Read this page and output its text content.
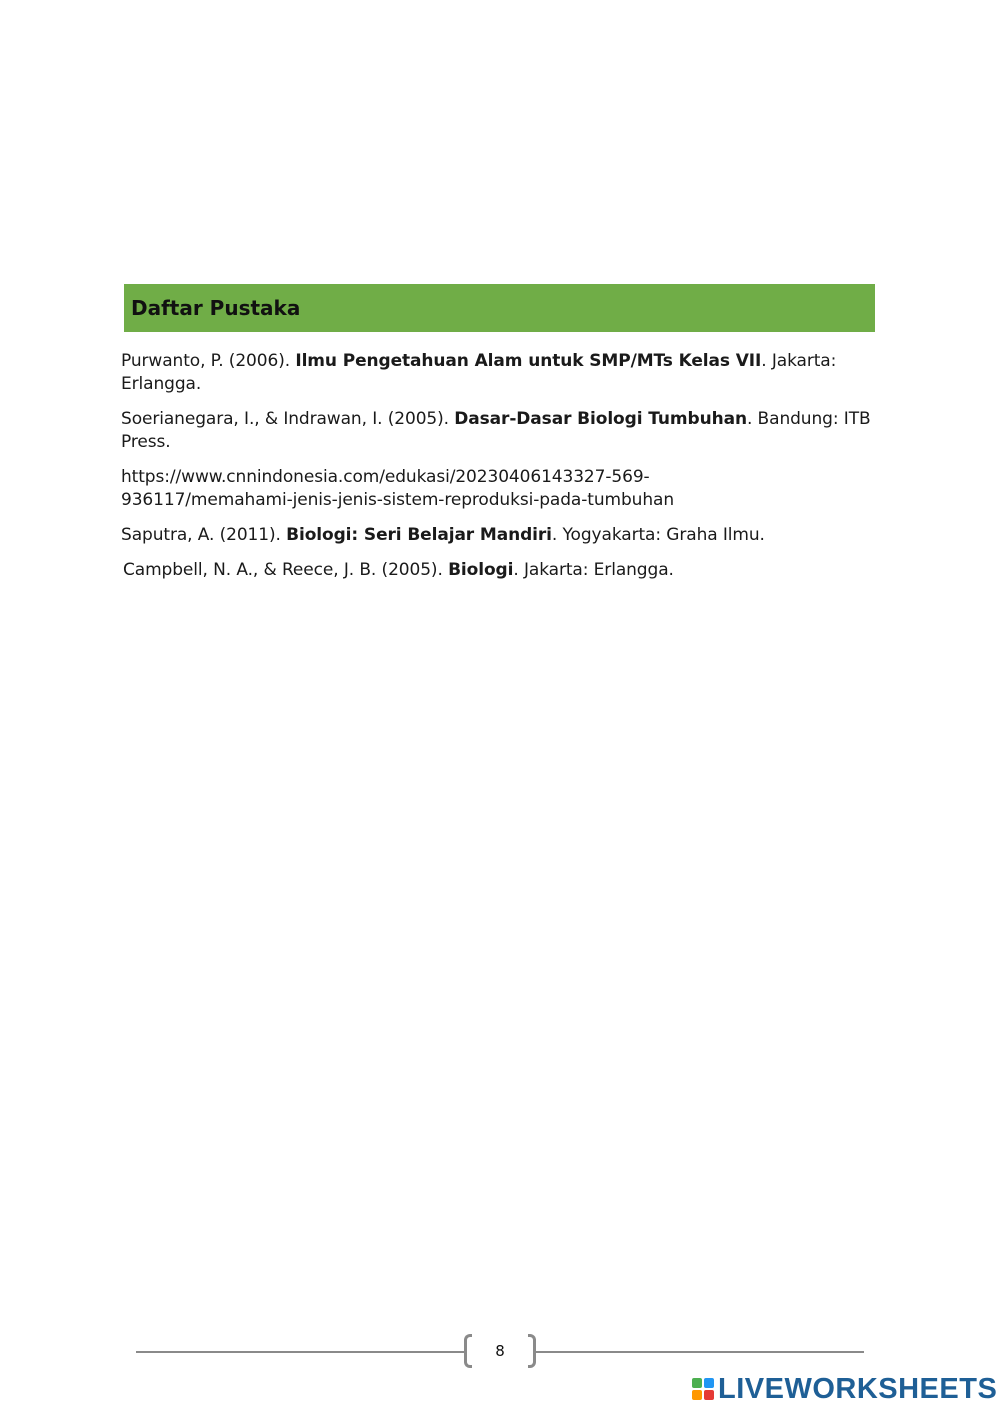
Daftar Pustaka

Purwanto, P. (2006). Ilmu Pengetahuan Alam untuk SMP/MTs Kelas VII. Jakarta: Erlangga.

Soerianegara, I., & Indrawan, I. (2005). Dasar-Dasar Biologi Tumbuhan. Bandung: ITB Press.

https://www.cnnindonesia.com/edukasi/20230406143327-569-
936117/memahami-jenis-jenis-sistem-reproduksi-pada-tumbuhan

Saputra, A. (2011). Biologi: Seri Belajar Mandiri. Yogyakarta: Graha Ilmu.

Campbell, N. A., & Reece, J. B. (2005). Biologi. Jakarta: Erlangga.

8
LIVEWORKSHEETS
